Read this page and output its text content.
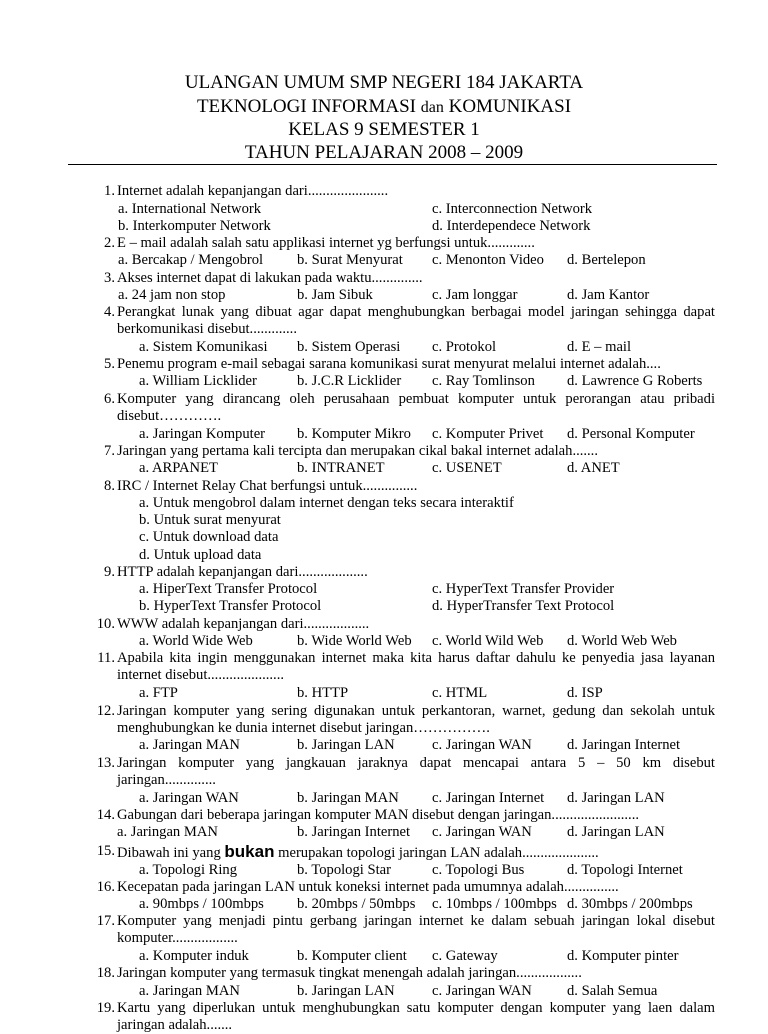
ULANGAN UMUM SMP NEGERI 184 JAKARTA
TEKNOLOGI INFORMASI dan KOMUNIKASI
KELAS 9 SEMESTER 1
TAHUN PELAJARAN 2008 – 2009
1. Internet adalah kepanjangan dari......................
a. International Network	c. Interconnection Network
b. Interkomputer Network	d. Interdependece Network
2. E – mail adalah salah satu applikasi internet yg berfungsi untuk.............
a. Bercakap / Mengobrol b. Surat Menyurat c. Menonton Video d. Bertelepon
3. Akses internet dapat di lakukan pada waktu..............
a. 24 jam non stop	b. Jam Sibuk	c. Jam longgar	d. Jam Kantor
4. Perangkat lunak yang dibuat agar dapat menghubungkan berbagai model jaringan sehingga dapat
berkomunikasi disebut.............
a. Sistem Komunikasi b. Sistem Operasi c. Protokol	d. E – mail
5. Penemu program e-mail sebagai sarana komunikasi surat menyurat melalui internet adalah....
a. William Licklider	b. J.C.R Licklider c. Ray Tomlinson d. Lawrence G Roberts
6. Komputer yang dirancang oleh perusahaan pembuat komputer untuk perorangan atau pribadi
disebut………….
a. Jaringan Komputer b. Komputer Mikro c. Komputer Privet d. Personal Komputer
7. Jaringan yang pertama kali tercipta dan merupakan cikal bakal internet adalah.......
a. ARPANET	b. INTRANET	c. USENET	d. ANET
8. IRC / Internet Relay Chat berfungsi untuk...............
a. Untuk mengobrol dalam internet dengan teks secara interaktif
b. Untuk surat menyurat
c. Untuk download data
d. Untuk upload data
9. HTTP adalah kepanjangan dari...................
a. HiperText Transfer Protocol	c. HyperText Transfer Provider
b. HyperText Transfer Protocol	d. HyperTransfer Text Protocol
10. WWW adalah kepanjangan dari..................
a. World Wide Web	b. Wide World Web c. World Wild Web d. World Web Web
11. Apabila kita ingin menggunakan internet maka kita harus daftar dahulu ke penyedia jasa layanan
internet disebut.....................
a. FTP	b. HTTP	c. HTML	d. ISP
12. Jaringan komputer yang sering digunakan untuk perkantoran, warnet, gedung dan sekolah untuk
menghubungkan ke dunia internet disebut jaringan…………….
a. Jaringan MAN	b. Jaringan LAN	c. Jaringan WAN d. Jaringan Internet
13. Jaringan komputer yang jangkauan jaraknya dapat mencapai antara 5 – 50 km disebut
jaringan..............
a. Jaringan WAN	b. Jaringan MAN c. Jaringan Internet d. Jaringan LAN
14. Gabungan dari beberapa jaringan komputer MAN disebut dengan jaringan........................
a. Jaringan MAN	b. Jaringan Internet c. Jaringan WAN d. Jaringan LAN
15. Dibawah ini yang bukan merupakan topologi jaringan LAN adalah.....................
a. Topologi Ring	b. Topologi Star	c. Topologi Bus	d. Topologi Internet
16. Kecepatan pada jaringan LAN untuk koneksi internet pada umumnya adalah...............
a. 90mbps / 100mbps b. 20mbps / 50mbps c. 10mbps / 100mbps d. 30mbps / 200mbps
17. Komputer yang menjadi pintu gerbang jaringan internet ke dalam sebuah jaringan lokal disebut
komputer..................
a. Komputer induk	b. Komputer client c. Gateway	d. Komputer pinter
18. Jaringan komputer yang termasuk tingkat menengah adalah jaringan..................
a. Jaringan MAN	b. Jaringan LAN	c. Jaringan WAN d. Salah Semua
19. Kartu yang diperlukan untuk menghubungkan satu komputer dengan komputer yang laen dalam
jaringan adalah.......
